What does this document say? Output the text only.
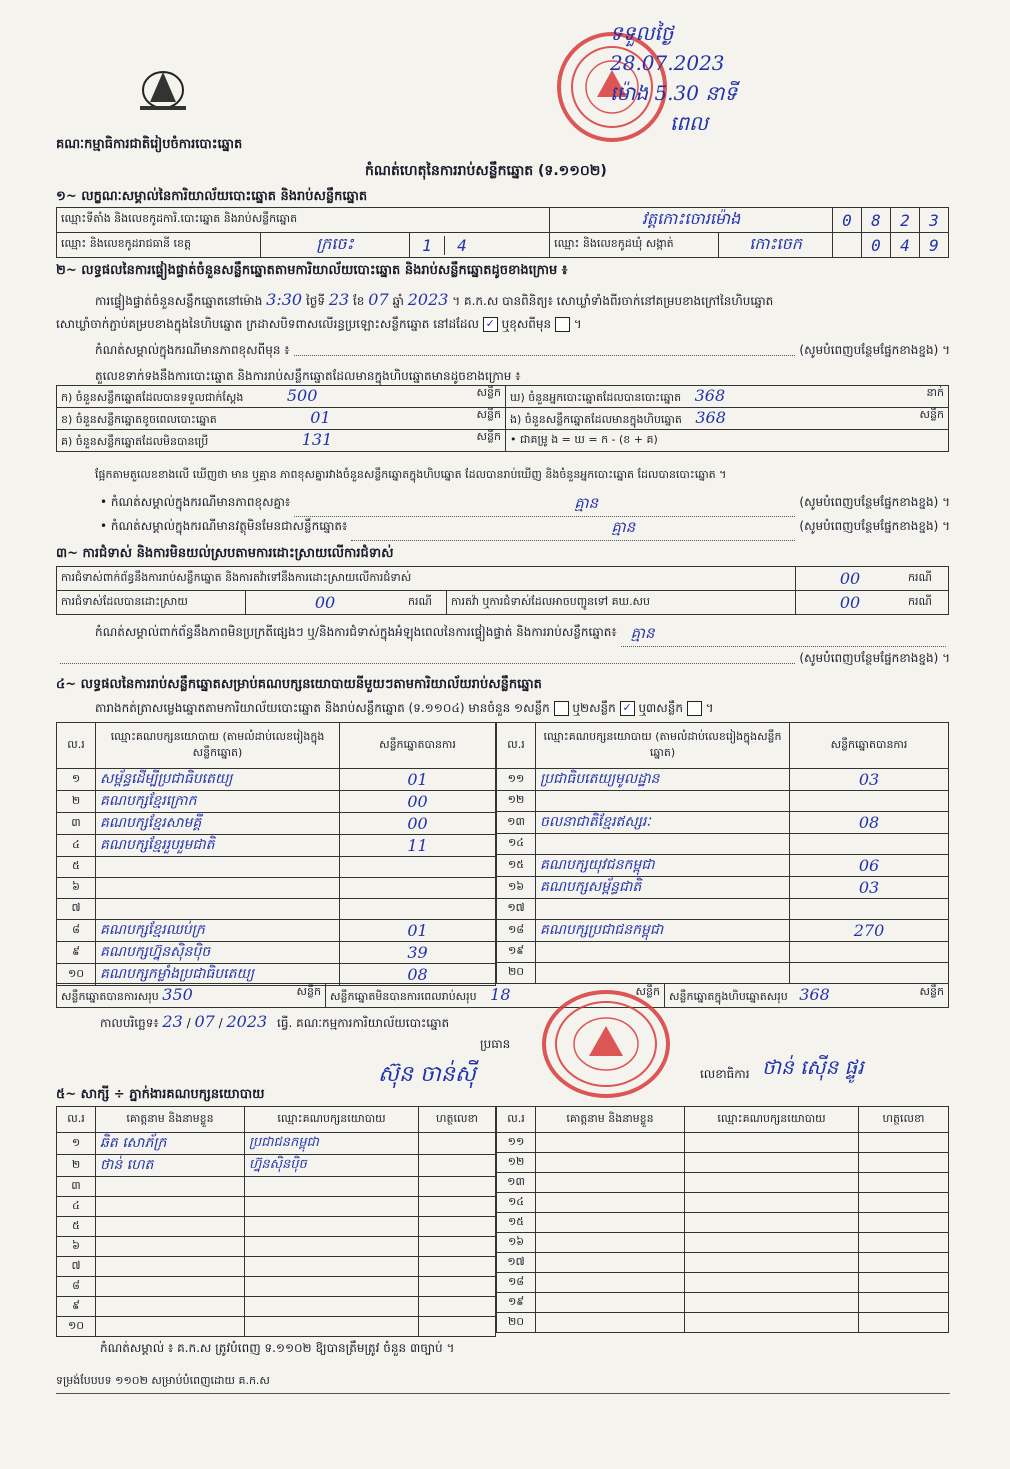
គណៈកម្មាធិការជាតិរៀបចំការបោះឆ្នោត
ទទួលថ្ងៃ
28.07.2023
ម៉ោង 5.30 នាទី
ពេល
កំណត់ហេតុនៃការរាប់សន្លឹកឆ្នោត (ទ.១១០២)
១~ លក្ខណៈសម្គាល់នៃការិយាល័យបោះឆ្នោត និងរាប់សន្លឹកឆ្នោត
ឈ្មោះទីតាំង និងលេខកូដការិ.បោះឆ្នោត និងរាប់សន្លឹកឆ្នោត			វត្តកោះចោរម៉ោង		0	8	2	3
ឈ្មោះ និងលេខកូដរាជធានី ខេត្ត	ក្រចេះ	1 4	ឈ្មោះ និងលេខកូដឃុំ សង្កាត់	កោះចេក		0	4	9
២~ លទ្ធផលនៃការផ្ទៀងផ្ទាត់ចំនួនសន្លឹកឆ្នោតតាមការិយាល័យបោះឆ្នោត និងរាប់សន្លឹកឆ្នោតដូចខាងក្រោម ៖
ការផ្ទៀងផ្ទាត់ចំនួនសន្លឹកឆ្នោតនៅម៉ោង 3:30 ថ្ងៃទី 23 ខែ 07 ឆ្នាំ 2023 ។ គ.ក.ស បានពិនិត្យ៖ សោឃ្លាំទាំងពីរចាក់នៅគម្របខាងក្រៅនៃហិបឆ្នោត
សោឃ្លាំចាក់ភ្ជាប់គម្របខាងក្នុងនៃហិបឆ្នោត ក្រដាសបិទពាសលើរន្ធប្រឡោះសន្លឹកឆ្នោត នៅដដែល ✓ ឬខុសពីមុន  ។
កំណត់សម្គាល់ក្នុងករណីមានភាពខុសពីមុន ៖	(សូមបំពេញបន្ថែមផ្នែកខាងខ្នង) ។
តួលេខទាក់ទងនឹងការបោះឆ្នោត និងការរាប់សន្លឹកឆ្នោតដែលមានក្នុងហិបឆ្នោតមានដូចខាងក្រោម ៖
ក) ចំនួនសន្លឹកឆ្នោតដែលបានទទួលជាក់ស្ដែង 500 សន្លឹក	ឃ) ចំនួនអ្នកបោះឆ្នោតដែលបានបោះឆ្នោត 368 នាក់

ខ) ចំនួនសន្លឹកឆ្នោតខូចពេលបោះឆ្នោត 01 សន្លឹក	ង) ចំនួនសន្លឹកឆ្នោតដែលមានក្នុងហិបឆ្នោត 368 សន្លឹក

គ) ចំនួនសន្លឹកឆ្នោតដែលមិនបានប្រើ 131 សន្លឹក	• ជាគម្រូ ង = ឃ = ក - (ខ + គ)
ផ្អែកតាមតួលេខខាងលើ ឃើញថា មាន ឬគ្មាន ភាពខុសគ្នារវាងចំនួនសន្លឹកឆ្នោតក្នុងហិបឆ្នោត ដែលបានរាប់ឃើញ និងចំនួនអ្នកបោះឆ្នោត ដែលបានបោះឆ្នោត ។
• កំណត់សម្គាល់ក្នុងករណីមានភាពខុសគ្នា៖	គ្មាន	(សូមបំពេញបន្ថែមផ្នែកខាងខ្នង) ។
• កំណត់សម្គាល់ក្នុងករណីមានវត្ថុមិនមែនជាសន្លឹកឆ្នោត៖	គ្មាន	(សូមបំពេញបន្ថែមផ្នែកខាងខ្នង) ។
៣~ ការជំទាស់ និងការមិនយល់ស្របតាមការដោះស្រាយលើការជំទាស់
ការជំទាស់ពាក់ព័ន្ធនឹងការរាប់សន្លឹកឆ្នោត និងការតវ៉ាទៅនឹងការដោះស្រាយលើការជំទាស់				00	ករណី
ការជំទាស់ដែលបានដោះស្រាយ	00	ករណី	ការតវ៉ា ឬការជំទាស់ដែលអាចបញ្ជូនទៅ គឃ.សប	00	ករណី
កំណត់សម្គាល់ពាក់ព័ន្ធនឹងភាពមិនប្រក្រតីផ្សេងៗ ឬ/និងការជំទាស់ក្នុងអំឡុងពេលនៃការផ្ទៀងផ្ទាត់ និងការរាប់សន្លឹកឆ្នោត៖ គ្មាន
(សូមបំពេញបន្ថែមផ្នែកខាងខ្នង) ។
៤~ លទ្ធផលនៃការរាប់សន្លឹកឆ្នោតសម្រាប់គណបក្សនយោបាយនីមួយៗតាមការិយាល័យរាប់សន្លឹកឆ្នោត
តារាងកត់ត្រាសម្លេងឆ្នោតតាមការិយាល័យបោះឆ្នោត និងរាប់សន្លឹកឆ្នោត (ទ.១១០៤) មានចំនួន ១សន្លឹក ឬ២សន្លឹក ✓ ឬ៣សន្លឹក  ។
ល.រ	ឈ្មោះគណបក្សនយោបាយ (តាមលំដាប់លេខរៀងក្នុងសន្លឹកឆ្នោត)	សន្លឹកឆ្នោតបានការ
១	សម្ព័ន្ធដើម្បីប្រជាធិបតេយ្យ	01
២	គណបក្សខ្មែរក្រោក	00
៣	គណបក្សខ្មែរសាមគ្គី	00
៤	គណបក្សខ្មែររួបរួមជាតិ	11
៥		
៦		
៧		
៨	គណបក្សខ្មែរឈប់ក្រ	01
៩	គណបក្សហ្វ៊ុនស៊ិនប៉ិច	39
១០	គណបក្សកម្លាំងប្រជាធិបតេយ្យ	08
ល.រ	ឈ្មោះគណបក្សនយោបាយ (តាមលំដាប់លេខរៀងក្នុងសន្លឹកឆ្នោត)	សន្លឹកឆ្នោតបានការ
១១	ប្រជាធិបតេយ្យមូលដ្ឋាន	03
១២		
១៣	ចលនាជាតិខ្មែរឥស្សរៈ	08
១៤		
១៥	គណបក្សយុវជនកម្ពុជា	06
១៦	គណបក្សសម្ព័ន្ធជាតិ	03
១៧		
១៨	គណបក្សប្រជាជនកម្ពុជា	270
១៩		
២០		
សន្លឹកឆ្នោតបានការសរុប 350	សន្លឹក	សន្លឹកឆ្នោតមិនបានការពេលរាប់សរុប 18	សន្លឹក	សន្លឹកឆ្នោតក្នុងហិបឆ្នោតសរុប 368	សន្លឹក
កាលបរិច្ឆេទ៖ 23 / 07 / 2023 ធ្វើ. គណៈកម្មការការិយាល័យបោះឆ្នោត
ប្រធាន
ស៊ុន ចាន់ស៊ី	លេខាធិការ ថាន់ ស៊ើន ផ្ទូរ
៥~ សាក្សី ÷ ភ្នាក់ងារគណបក្សនយោបាយ
ល.រ	គោត្តនាម និងនាមខ្លួន	ឈ្មោះគណបក្សនយោបាយ	ហត្ថលេខា
១	ឆិត សោភ័ក្រ	ប្រជាជនកម្ពុជា	
២	ថាន់ ហេត	ហ្វ៊ុនស៊ិនប៉ិច	
៣			
៤			
៥			
៦			
៧			
៨			
៩			
១០			
ល.រ	គោត្តនាម និងនាមខ្លួន	ឈ្មោះគណបក្សនយោបាយ	ហត្ថលេខា
១១			
១២			
១៣			
១៤			
១៥			
១៦			
១៧			
១៨			
១៩			
២០			
កំណត់សម្គាល់ ៖ គ.ក.ស ត្រូវបំពេញ ទ.១១០២ ឱ្យបានត្រឹមត្រូវ ចំនួន ៣ច្បាប់ ។
ទម្រង់បែបបទ ១១០២ សម្រាប់បំពេញដោយ គ.ក.ស
